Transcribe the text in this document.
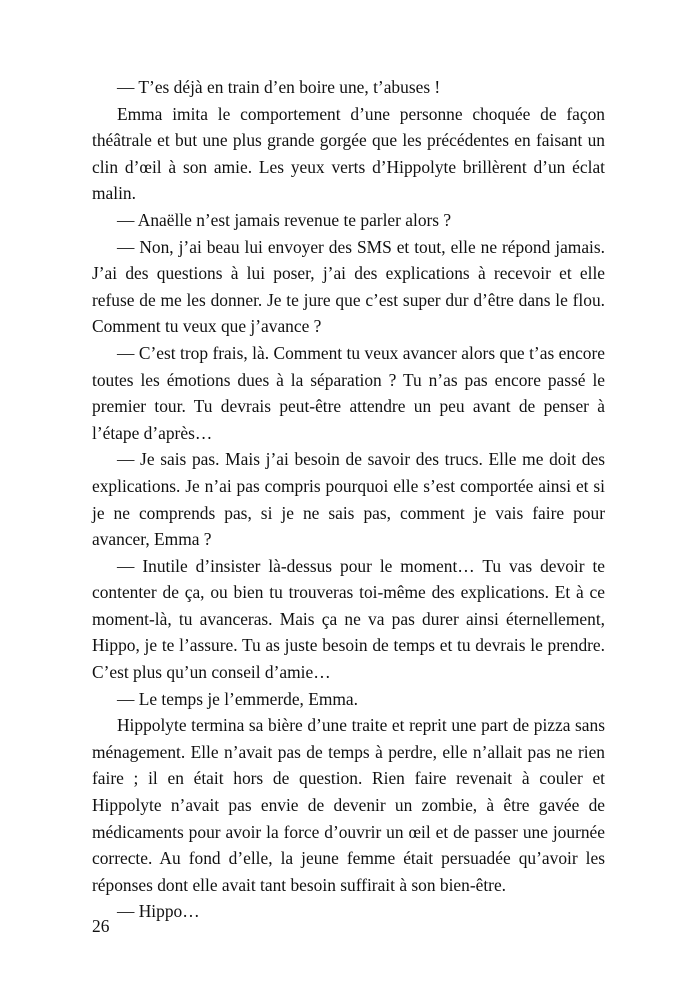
— T’es déjà en train d’en boire une, t’abuses !

Emma imita le comportement d’une personne choquée de façon théâtrale et but une plus grande gorgée que les précédentes en faisant un clin d’œil à son amie. Les yeux verts d’Hippolyte brillèrent d’un éclat malin.

— Anaëlle n’est jamais revenue te parler alors ?

— Non, j’ai beau lui envoyer des SMS et tout, elle ne répond jamais. J’ai des questions à lui poser, j’ai des explications à recevoir et elle refuse de me les donner. Je te jure que c’est super dur d’être dans le flou. Comment tu veux que j’avance ?

— C’est trop frais, là. Comment tu veux avancer alors que t’as encore toutes les émotions dues à la séparation ? Tu n’as pas encore passé le premier tour. Tu devrais peut-être attendre un peu avant de penser à l’étape d’après…

— Je sais pas. Mais j’ai besoin de savoir des trucs. Elle me doit des explications. Je n’ai pas compris pourquoi elle s’est comportée ainsi et si je ne comprends pas, si je ne sais pas, comment je vais faire pour avancer, Emma ?

— Inutile d’insister là-dessus pour le moment… Tu vas devoir te contenter de ça, ou bien tu trouveras toi-même des explications. Et à ce moment-là, tu avanceras. Mais ça ne va pas durer ainsi éternellement, Hippo, je te l’assure. Tu as juste besoin de temps et tu devrais le prendre. C’est plus qu’un conseil d’amie…

— Le temps je l’emmerde, Emma.

Hippolyte termina sa bière d’une traite et reprit une part de pizza sans ménagement. Elle n’avait pas de temps à perdre, elle n’allait pas ne rien faire ; il en était hors de question. Rien faire revenait à couler et Hippolyte n’avait pas envie de devenir un zombie, à être gavée de médicaments pour avoir la force d’ouvrir un œil et de passer une journée correcte. Au fond d’elle, la jeune femme était persuadée qu’avoir les réponses dont elle avait tant besoin suffirait à son bien-être.

— Hippo…

26
